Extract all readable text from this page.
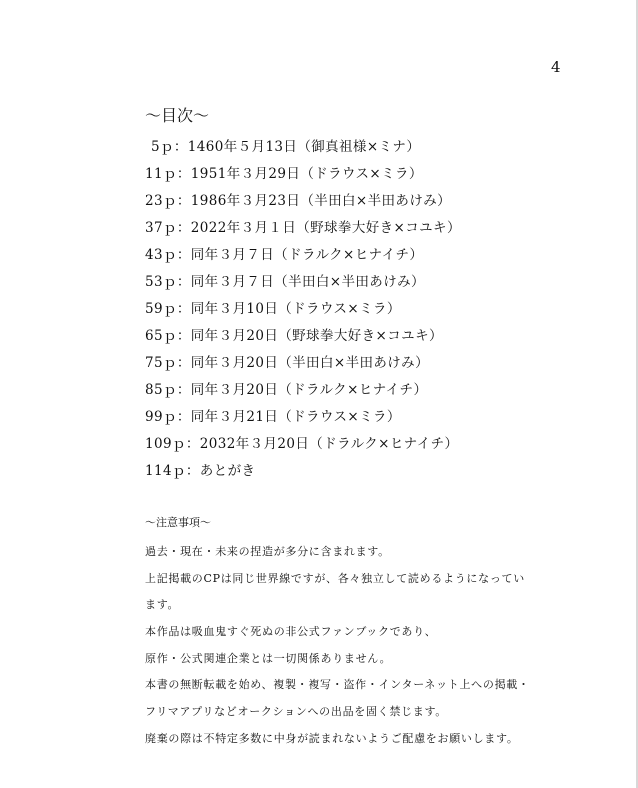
4
～目次～
5ｐ：1460年５月13日（御真祖様×ミナ）
11ｐ：1951年３月29日（ドラウス×ミラ）
23ｐ：1986年３月23日（半田白×半田あけみ）
37ｐ：2022年３月１日（野球拳大好き×コユキ）
43ｐ：同年３月７日（ドラルク×ヒナイチ）
53ｐ：同年３月７日（半田白×半田あけみ）
59ｐ：同年３月10日（ドラウス×ミラ）
65ｐ：同年３月20日（野球拳大好き×コユキ）
75ｐ：同年３月20日（半田白×半田あけみ）
85ｐ：同年３月20日（ドラルク×ヒナイチ）
99ｐ：同年３月21日（ドラウス×ミラ）
109ｐ：2032年３月20日（ドラルク×ヒナイチ）
114ｐ：あとがき
～注意事項～
過去・現在・未来の捏造が多分に含まれます。
上記掲載のCPは同じ世界線ですが、各々独立して読めるようになってい
ます。
本作品は吸血鬼すぐ死ぬの非公式ファンブックであり、
原作・公式関連企業とは一切関係ありません。
本書の無断転載を始め、複製・複写・盗作・インターネット上への掲載・
フリマアプリなどオークションへの出品を固く禁じます。
廃棄の際は不特定多数に中身が読まれないようご配慮をお願いします。
